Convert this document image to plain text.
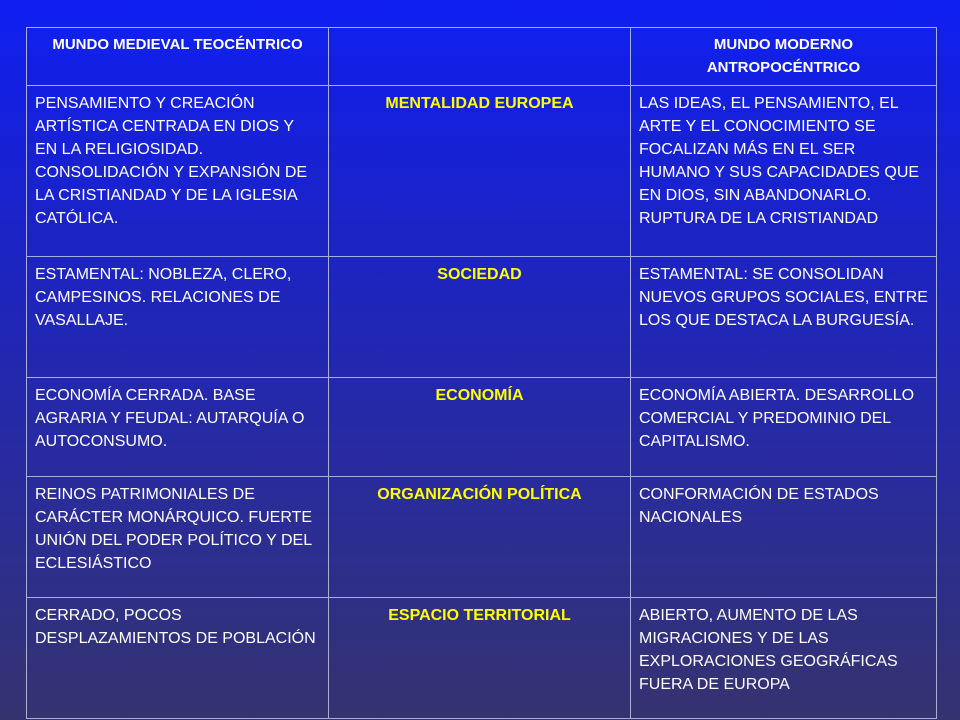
MUNDO MEDIEVAL TEOCÉNTRICO		MUNDO MODERNO ANTROPOCÉNTRICO
PENSAMIENTO Y CREACIÓN ARTÍSTICA CENTRADA EN DIOS Y EN LA RELIGIOSIDAD. CONSOLIDACIÓN Y EXPANSIÓN DE LA CRISTIANDAD Y DE LA IGLESIA CATÓLICA.	MENTALIDAD EUROPEA	LAS IDEAS, EL PENSAMIENTO, EL ARTE Y EL CONOCIMIENTO SE FOCALIZAN MÁS EN EL SER HUMANO Y SUS CAPACIDADES QUE EN DIOS, SIN ABANDONARLO. RUPTURA DE LA CRISTIANDAD
ESTAMENTAL: NOBLEZA, CLERO, CAMPESINOS. RELACIONES DE VASALLAJE.	SOCIEDAD	ESTAMENTAL: SE CONSOLIDAN NUEVOS GRUPOS SOCIALES, ENTRE LOS QUE DESTACA LA BURGUESÍA.
ECONOMÍA CERRADA. BASE AGRARIA Y FEUDAL: AUTARQUÍA O AUTOCONSUMO.	ECONOMÍA	ECONOMÍA ABIERTA. DESARROLLO COMERCIAL Y PREDOMINIO DEL CAPITALISMO.
REINOS PATRIMONIALES DE CARÁCTER MONÁRQUICO. FUERTE UNIÓN DEL PODER POLÍTICO Y DEL ECLESIÁSTICO	ORGANIZACIÓN POLÍTICA	CONFORMACIÓN DE ESTADOS NACIONALES
CERRADO, POCOS DESPLAZAMIENTOS DE POBLACIÓN	ESPACIO TERRITORIAL	ABIERTO, AUMENTO DE LAS MIGRACIONES Y DE LAS EXPLORACIONES GEOGRÁFICAS FUERA DE EUROPA
